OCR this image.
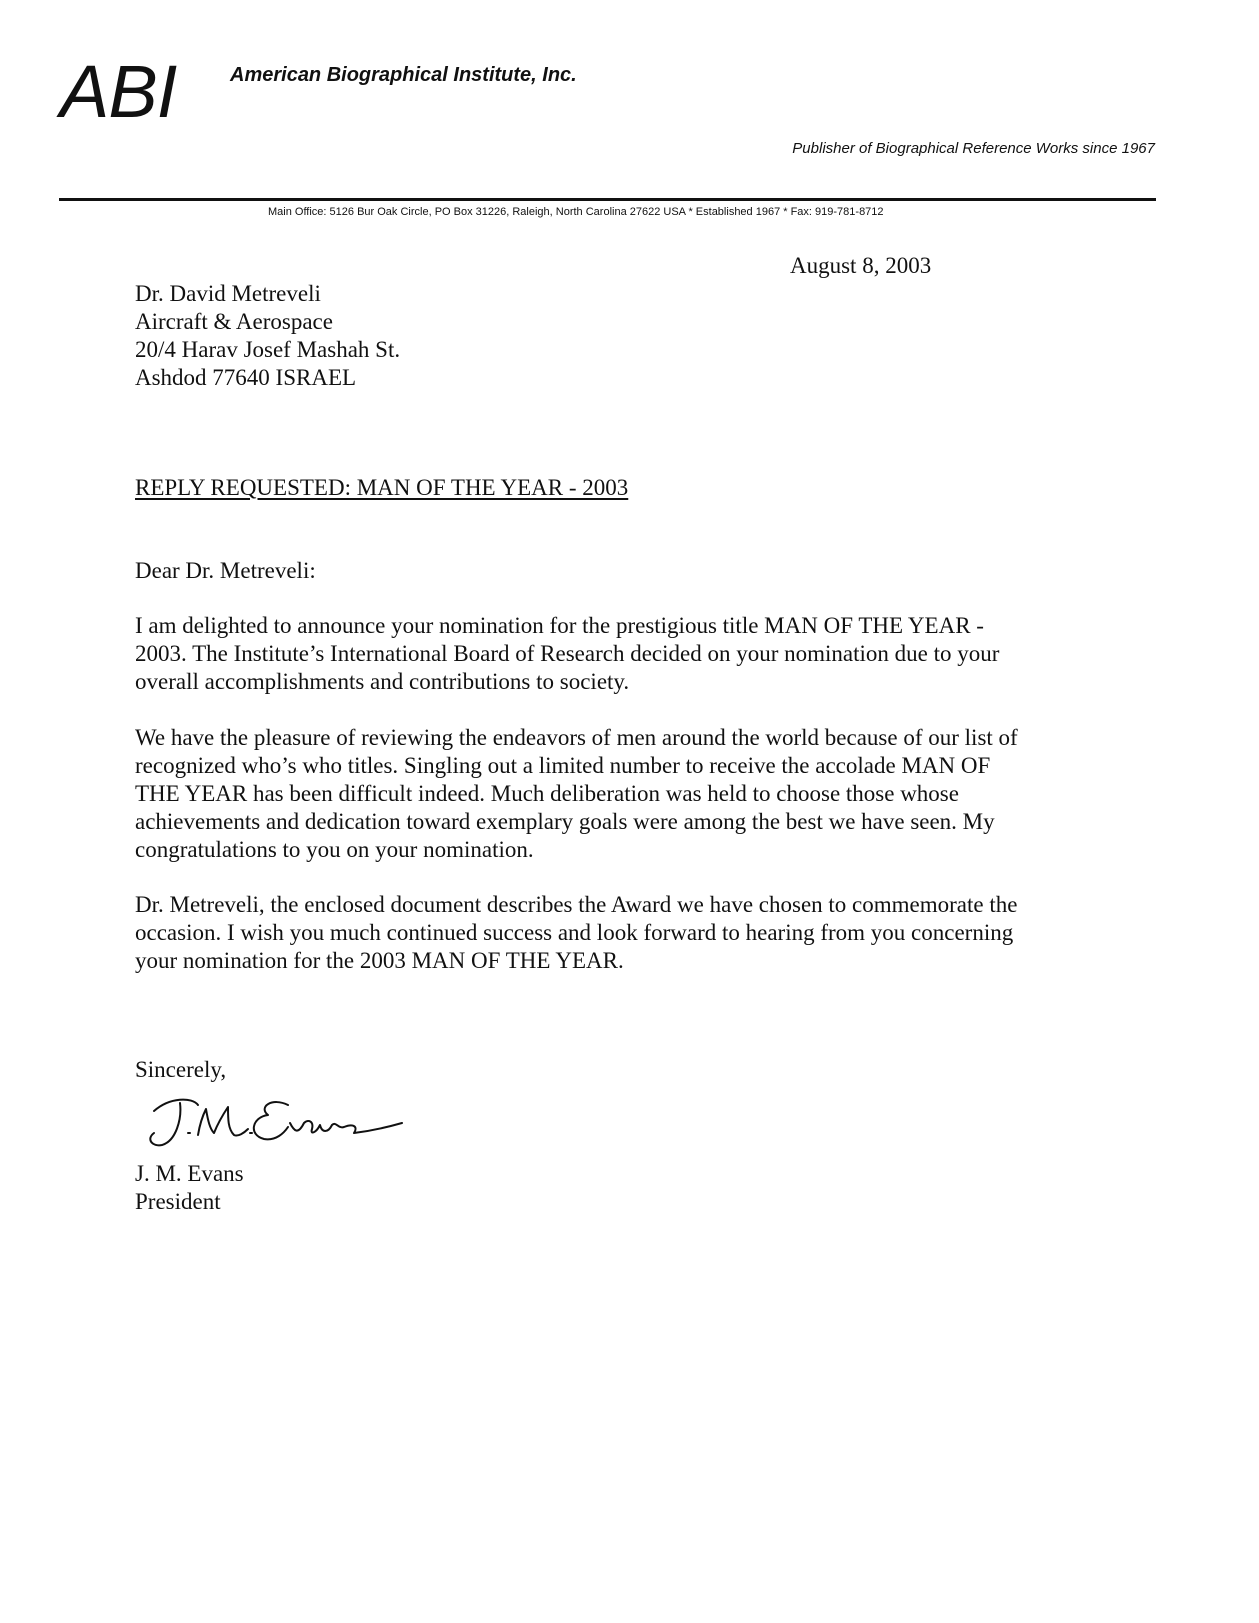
ABI	American Biographical Institute, Inc.
Publisher of Biographical Reference Works since 1967
Main Office: 5126 Bur Oak Circle, PO Box 31226, Raleigh, North Carolina 27622 USA * Established 1967 * Fax: 919-781-8712
August 8, 2003
Dr. David Metreveli
Aircraft & Aerospace
20/4 Harav Josef Mashah St.
Ashdod 77640 ISRAEL
REPLY REQUESTED: MAN OF THE YEAR - 2003
Dear Dr. Metreveli:
I am delighted to announce your nomination for the prestigious title MAN OF THE YEAR -
2003. The Institute’s International Board of Research decided on your nomination due to your
overall accomplishments and contributions to society.
We have the pleasure of reviewing the endeavors of men around the world because of our list of
recognized who’s who titles. Singling out a limited number to receive the accolade MAN OF
THE YEAR has been difficult indeed. Much deliberation was held to choose those whose
achievements and dedication toward exemplary goals were among the best we have seen. My
congratulations to you on your nomination.
Dr. Metreveli, the enclosed document describes the Award we have chosen to commemorate the
occasion. I wish you much continued success and look forward to hearing from you concerning
your nomination for the 2003 MAN OF THE YEAR.
Sincerely,
J. M. Evans
President
